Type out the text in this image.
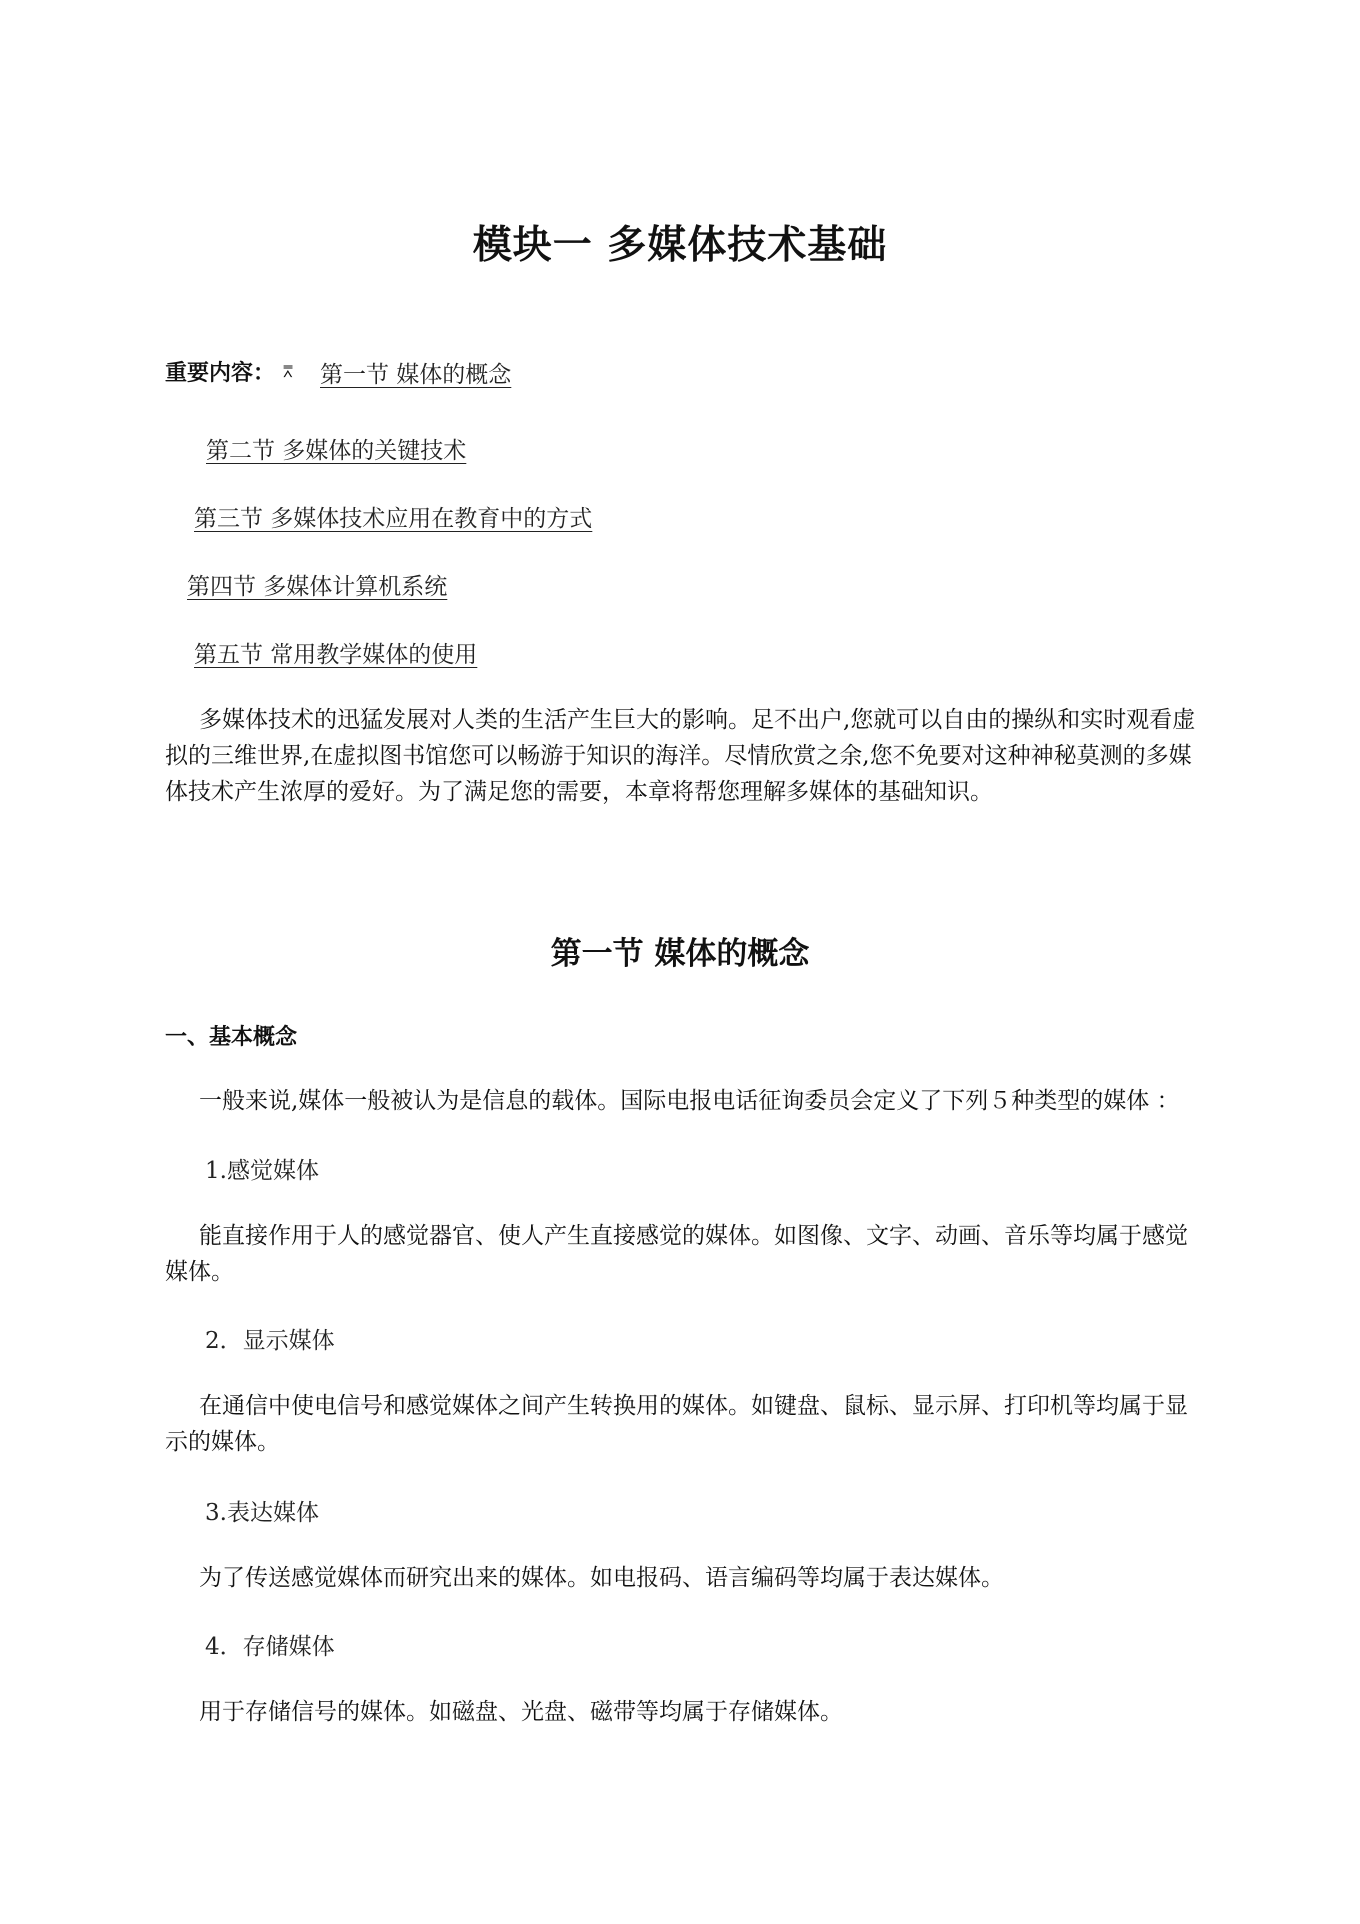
模块一 多媒体技术基础
重要内容： ⩞ 第一节 媒体的概念
第二节 多媒体的关键技术
第三节 多媒体技术应用在教育中的方式
第四节 多媒体计算机系统
第五节 常用教学媒体的使用

多媒体技术的迅猛发展对人类的生活产生巨大的影响。足不出户,您就可以自由的操纵和实时观看虚拟的三维世界,在虚拟图书馆您可以畅游于知识的海洋。尽情欣赏之余,您不免要对这种神秘莫测的多媒体技术产生浓厚的爱好。为了满足您的需要，本章将帮您理解多媒体的基础知识。

第一节 媒体的概念
一、基本概念

一般来说,媒体一般被认为是信息的载体。国际电报电话征询委员会定义了下列５种类型的媒体 ：

1.感觉媒体

能直接作用于人的感觉器官、使人产生直接感觉的媒体。如图像、文字、动画、音乐等均属于感觉媒体。

2．显示媒体

在通信中使电信号和感觉媒体之间产生转换用的媒体。如键盘、鼠标、显示屏、打印机等均属于显示的媒体。

3.表达媒体

为了传送感觉媒体而研究出来的媒体。如电报码、语言编码等均属于表达媒体。

4．存储媒体

用于存储信号的媒体。如磁盘、光盘、磁带等均属于存储媒体。
